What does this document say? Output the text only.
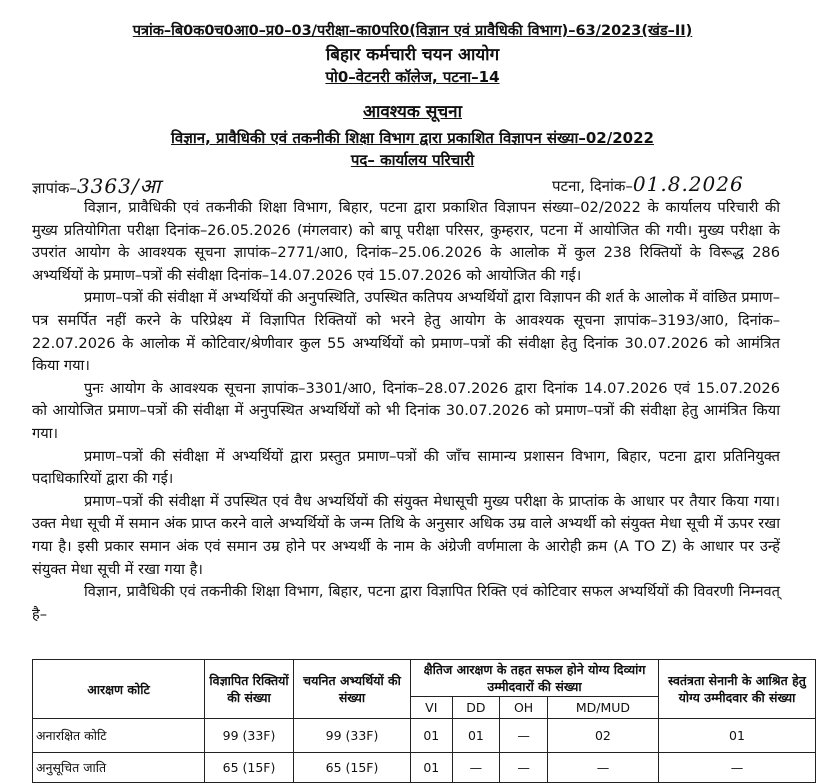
पत्रांक–बि0क0च0आ0–प्र0–03/परीक्षा–का0परि0(विज्ञान एवं प्रावैधिकी विभाग)–63/2023(खंड–II)
बिहार कर्मचारी चयन आयोग
पो0–वेटनरी कॉलेज, पटना–14
आवश्यक सूचना
विज्ञान, प्रावैधिकी एवं तकनीकी शिक्षा विभाग द्वारा प्रकाशित विज्ञापन संख्या–02/2022
पद– कार्यालय परिचारी
ज्ञापांक–3363/आ	पटना, दिनांक–01.8.2026

विज्ञान, प्रावैधिकी एवं तकनीकी शिक्षा विभाग, बिहार, पटना द्वारा प्रकाशित विज्ञापन संख्या–02/2022 के कार्यालय परिचारी की मुख्य प्रतियोगिता परीक्षा दिनांक–26.05.2026 (मंगलवार) को बापू परीक्षा परिसर, कुम्हरार, पटना में आयोजित की गयी। मुख्य परीक्षा के उपरांत आयोग के आवश्यक सूचना ज्ञापांक–2771/आ0, दिनांक–25.06.2026 के आलोक में कुल 238 रिक्तियों के विरूद्ध 286 अभ्यर्थियों के प्रमाण–पत्रों की संवीक्षा दिनांक–14.07.2026 एवं 15.07.2026 को आयोजित की गई।

प्रमाण–पत्रों की संवीक्षा में अभ्यर्थियों की अनुपस्थिति, उपस्थित कतिपय अभ्यर्थियों द्वारा विज्ञापन की शर्त के आलोक में वांछित प्रमाण–पत्र समर्पित नहीं करने के परिप्रेक्ष्य में विज्ञापित रिक्तियों को भरने हेतु आयोग के आवश्यक सूचना ज्ञापांक–3193/आ0, दिनांक–22.07.2026 के आलोक में कोटिवार/श्रेणीवार कुल 55 अभ्यर्थियों को प्रमाण–पत्रों की संवीक्षा हेतु दिनांक 30.07.2026 को आमंत्रित किया गया।

पुनः आयोग के आवश्यक सूचना ज्ञापांक–3301/आ0, दिनांक–28.07.2026 द्वारा दिनांक 14.07.2026 एवं 15.07.2026 को आयोजित प्रमाण–पत्रों की संवीक्षा में अनुपस्थित अभ्यर्थियों को भी दिनांक 30.07.2026 को प्रमाण–पत्रों की संवीक्षा हेतु आमंत्रित किया गया।

प्रमाण–पत्रों की संवीक्षा में अभ्यर्थियों द्वारा प्रस्तुत प्रमाण–पत्रों की जाँच सामान्य प्रशासन विभाग, बिहार, पटना द्वारा प्रतिनियुक्त पदाधिकारियों द्वारा की गई।

प्रमाण–पत्रों की संवीक्षा में उपस्थित एवं वैध अभ्यर्थियों की संयुक्त मेधासूची मुख्य परीक्षा के प्राप्तांक के आधार पर तैयार किया गया। उक्त मेधा सूची में समान अंक प्राप्त करने वाले अभ्यर्थियों के जन्म तिथि के अनुसार अधिक उम्र वाले अभ्यर्थी को संयुक्त मेधा सूची में ऊपर रखा गया है। इसी प्रकार समान अंक एवं समान उम्र होने पर अभ्यर्थी के नाम के अंग्रेजी वर्णमाला के आरोही क्रम (A TO Z) के आधार पर उन्हें संयुक्त मेधा सूची में रखा गया है।

विज्ञान, प्रावैधिकी एवं तकनीकी शिक्षा विभाग, बिहार, पटना द्वारा विज्ञापित रिक्ति एवं कोटिवार सफल अभ्यर्थियों की विवरणी निम्नवत् है–

आरक्षण कोटि	विज्ञापित रिक्तियों की संख्या	चयनित अभ्यर्थियों की संख्या	क्षैतिज आरक्षण के तहत सफल होने योग्य दिव्यांग उम्मीदवारों की संख्या				स्वतंत्रता सेनानी के आश्रित हेतु योग्य उम्मीदवार की संख्या
			VI	DD	OH	MD/MUD	
अनारक्षित कोटि	99 (33F)	99 (33F)	01	01	—	02	01
अनुसूचित जाति	65 (15F)	65 (15F)	01	—	—	—	—
